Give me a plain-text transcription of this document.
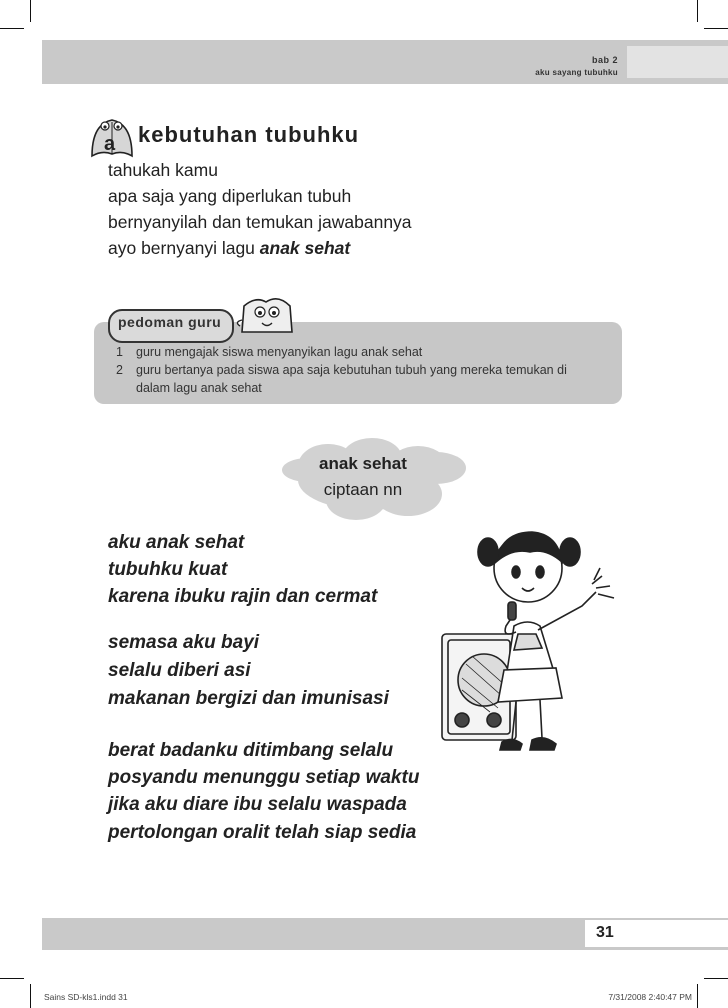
bab 2
aku sayang tubuhku
a kebutuhan tubuhku
tahukah kamu
apa saja yang diperlukan tubuh
bernyanyilah dan temukan jawabannya
ayo bernyanyi lagu anak sehat
pedoman guru
1 guru mengajak siswa menyanyikan lagu anak sehat
2 guru bertanya pada siswa apa saja kebutuhan tubuh yang mereka temukan di
dalam lagu anak sehat
anak sehat
ciptaan nn
aku anak sehat
tubuhku kuat
karena ibuku rajin dan cermat
semasa aku bayi
selalu diberi asi
makanan bergizi dan imunisasi
berat badanku ditimbang selalu
posyandu menunggu setiap waktu
jika aku diare ibu selalu waspada
pertolongan oralit telah siap sedia
31
Sains SD-kls1.indd 31	7/31/2008 2:40:47 PM
